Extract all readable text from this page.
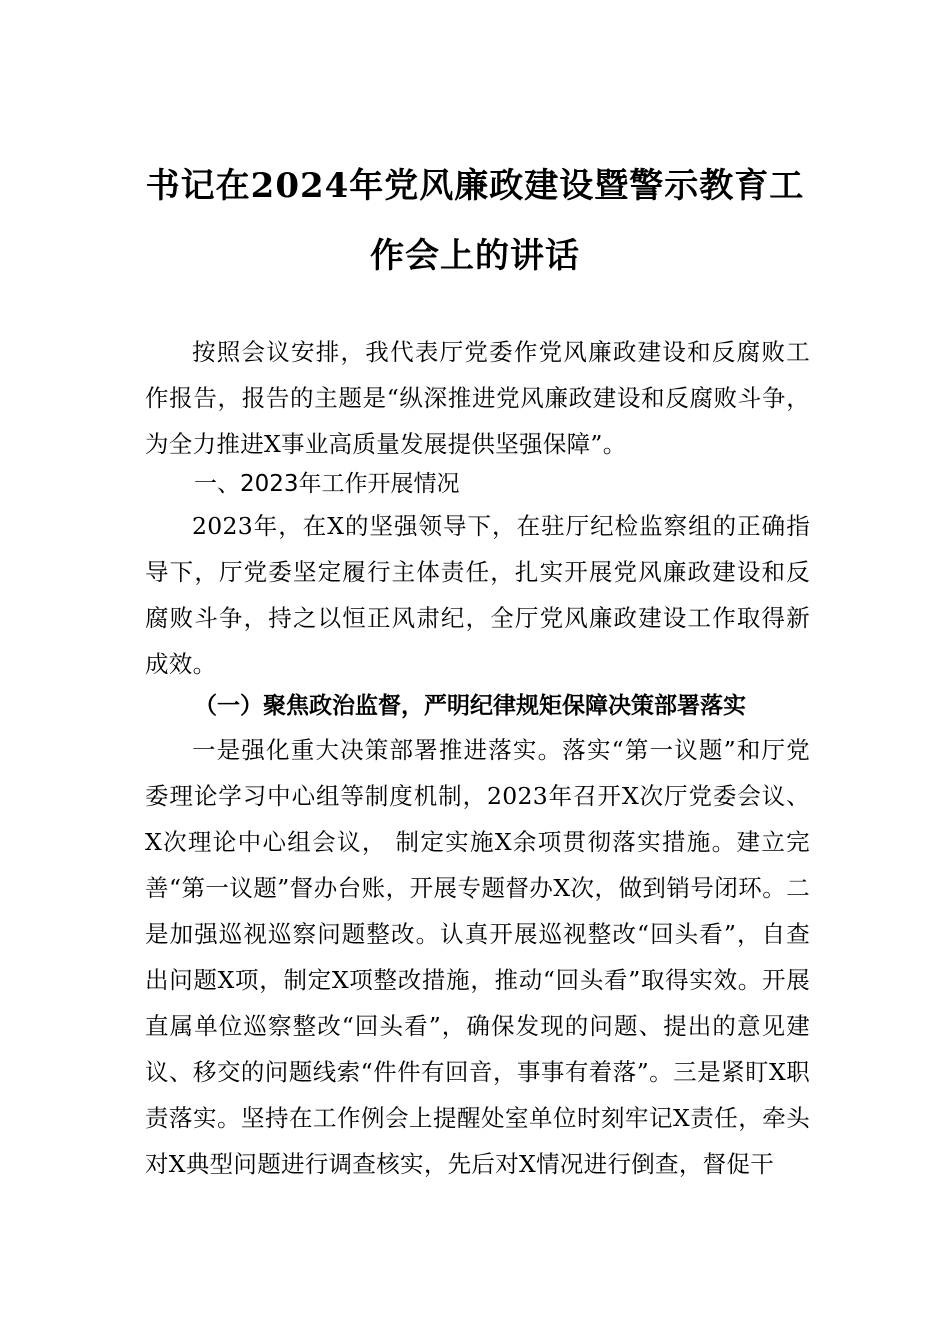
书记在2024年党风廉政建设暨警示教育工
作会上的讲话
按照会议安排，我代表厅党委作党风廉政建设和反腐败工作报告，报告的主题是“纵深推进党风廉政建设和反腐败斗争，为全力推进X事业高质量发展提供坚强保障”。
一、2023年工作开展情况
2023年，在X的坚强领导下，在驻厅纪检监察组的正确指导下，厅党委坚定履行主体责任，扎实开展党风廉政建设和反腐败斗争，持之以恒正风肃纪，全厅党风廉政建设工作取得新成效。
（一）聚焦政治监督，严明纪律规矩保障决策部署落实
一是强化重大决策部署推进落实。落实“第一议题”和厅党委理论学习中心组等制度机制，2023年召开X次厅党委会议、X次理论中心组会议， 制定实施X余项贯彻落实措施。建立完善“第一议题”督办台账，开展专题督办X次，做到销号闭环。二是加强巡视巡察问题整改。认真开展巡视整改“回头看”，自查出问题X项，制定X项整改措施，推动“回头看”取得实效。开展直属单位巡察整改“回头看”，确保发现的问题、提出的意见建议、移交的问题线索“件件有回音，事事有着落”。三是紧盯X职责落实。坚持在工作例会上提醒处室单位时刻牢记X责任，牵头对X典型问题进行调查核实，先后对X情况进行倒查，督促干
